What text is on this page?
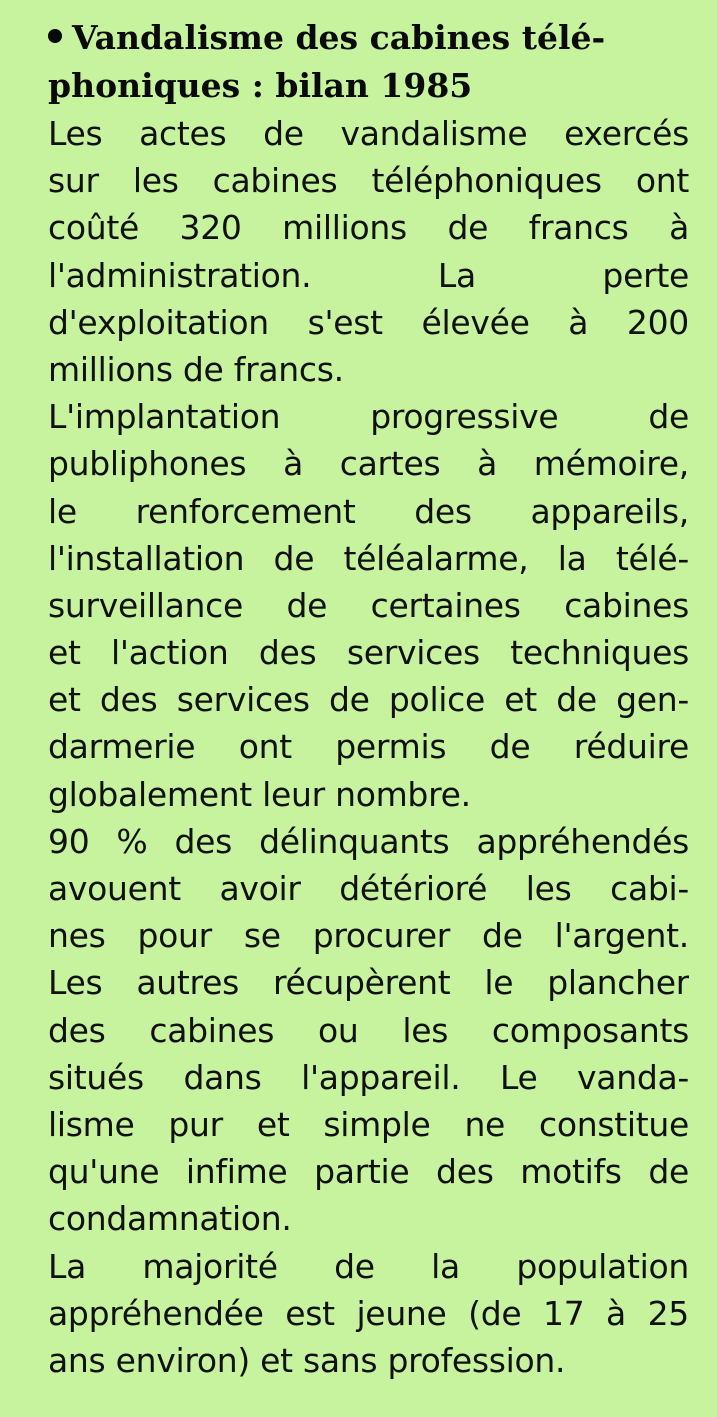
Vandalisme des cabines télé-
phoniques : bilan 1985
Les actes de vandalisme exercés
sur les cabines téléphoniques ont
coûté 320 millions de francs à
l'administration. La perte
d'exploitation s'est élevée à 200
millions de francs.
L'implantation progressive de
publiphones à cartes à mémoire,
le renforcement des appareils,
l'installation de téléalarme, la télé-
surveillance de certaines cabines
et l'action des services techniques
et des services de police et de gen-
darmerie ont permis de réduire
globalement leur nombre.
90 % des délinquants appréhendés
avouent avoir détérioré les cabi-
nes pour se procurer de l'argent.
Les autres récupèrent le plancher
des cabines ou les composants
situés dans l'appareil. Le vanda-
lisme pur et simple ne constitue
qu'une infime partie des motifs de
condamnation.
La majorité de la population
appréhendée est jeune (de 17 à 25
ans environ) et sans profession.
